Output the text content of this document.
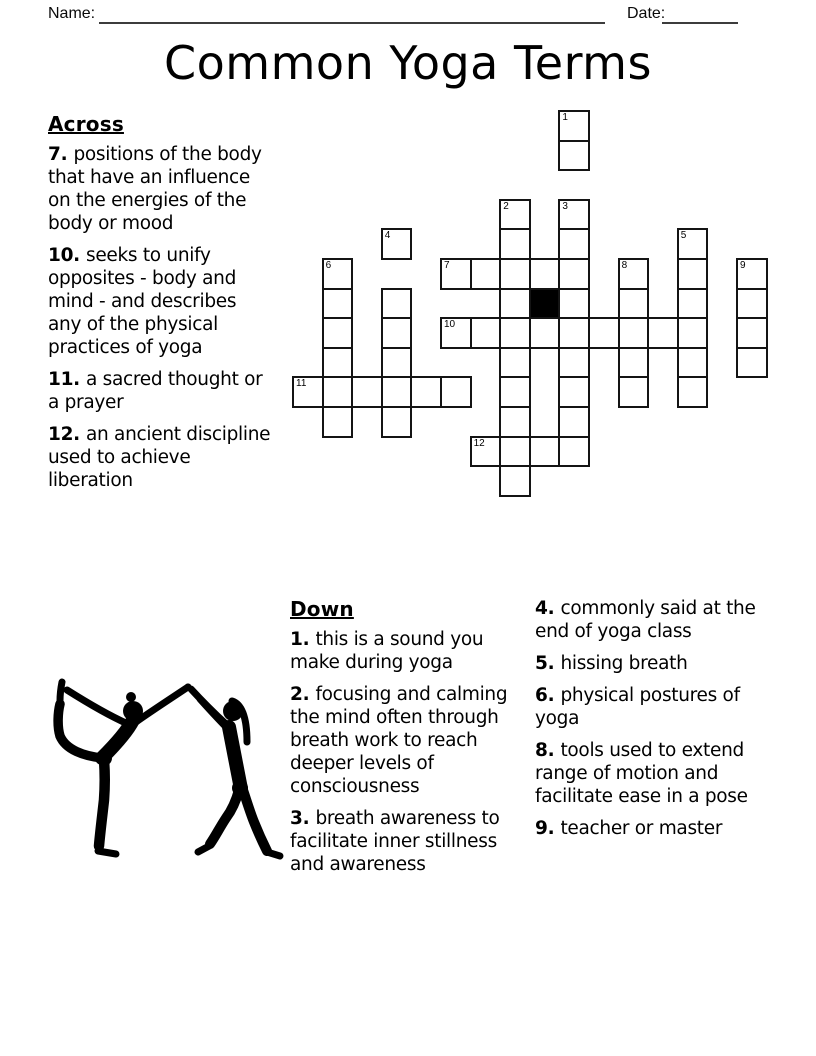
Name:	Date:
Common Yoga Terms
Across

7. positions of the body that have an influence on the energies of the body or mood

10. seeks to unify opposites - body and mind - and describes any of the physical practices of yoga

11. a sacred thought or a prayer

12. an ancient discipline used to achieve liberation

1
2	3
4	5
6	7	8	9
10
11
12
Down

1. this is a sound you make during yoga

2. focusing and calming the mind often through breath work to reach deeper levels of consciousness

3. breath awareness to facilitate inner stillness and awareness

4. commonly said at the end of yoga class

5. hissing breath

6. physical postures of yoga

8. tools used to extend range of motion and facilitate ease in a pose

9. teacher or master
